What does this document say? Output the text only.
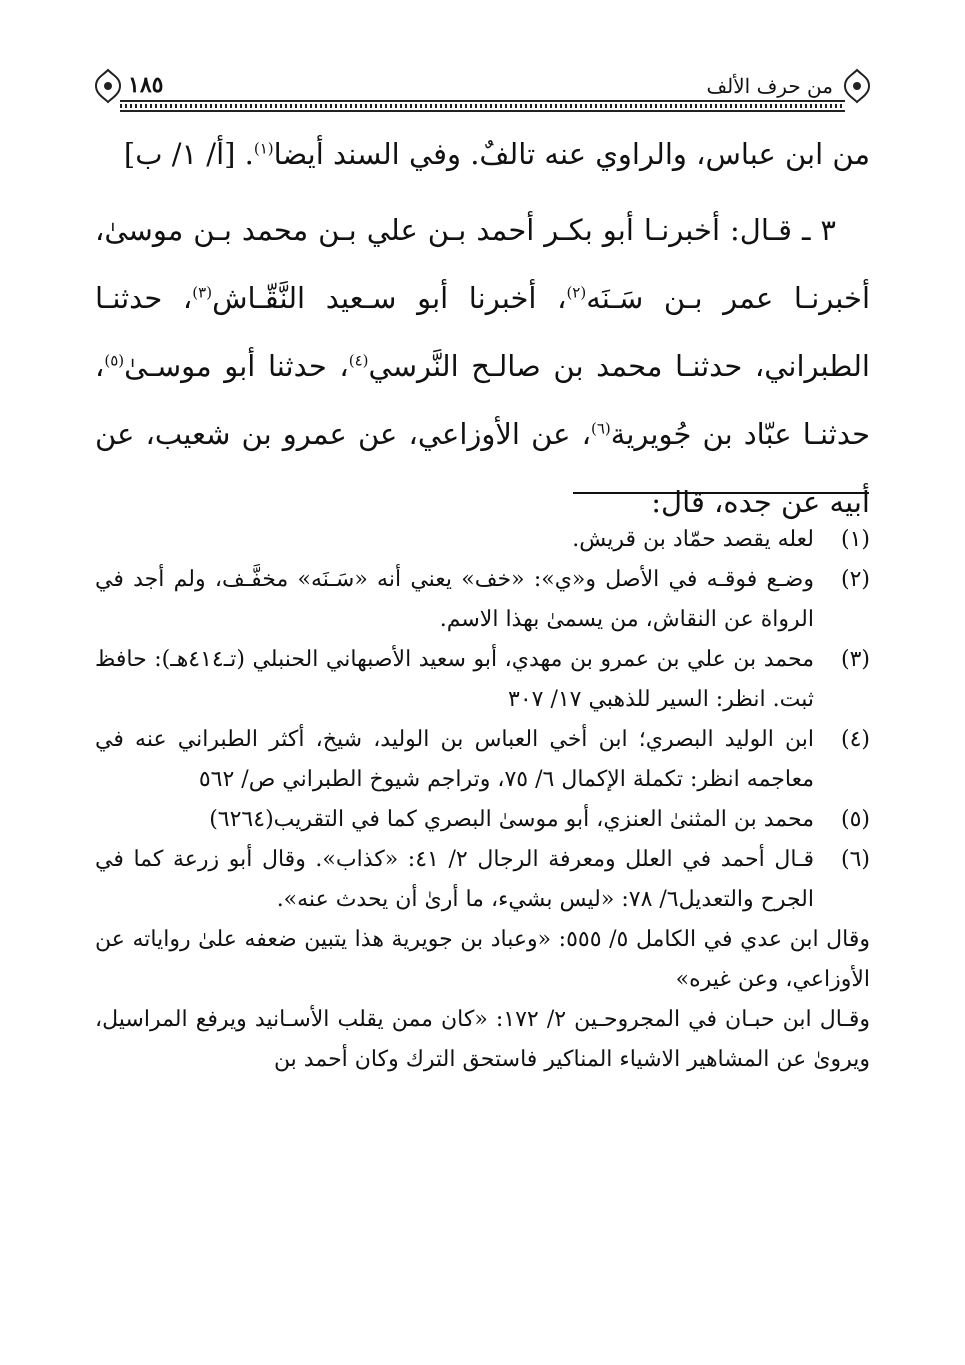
من حرف الألف
١٨٥

من ابن عباس، والراوي عنه تالفٌ. وفي السند أيضا$^{(١)}$. [أ/ ١/ ب]

٣ ـ قـال: أخبرنـا أبو بكـر أحمد بـن علي بـن محمد بـن موسىٰ، أخبرنـا عمر بـن سَـنَه$^{(٢)}$، أخبرنا أبو سـعيد النَّقّـاش$^{(٣)}$، حدثنـا الطبراني، حدثنـا محمد بن صالـح النَّرسي$^{(٤)}$، حدثنا أبو موسـىٰ$^{(٥)}$، حدثنـا عبّاد بن جُويرية$^{(٦)}$، عن الأوزاعي، عن عمرو بن شعيب، عن أبيه عن جده، قال:

(١)
لعله يقصد حمّاد بن قريش.
(٢)
وضـع فوقـه في الأصل و«ي»: «خف» يعني أنه «سَـنَه» مخفَّـف، ولم أجد في الرواة عن النقاش، من يسمىٰ بهذا الاسم.
(٣)
محمد بن علي بن عمرو بن مهدي، أبو سعيد الأصبهاني الحنبلي (تـ٤١٤هـ): حافظ ثبت. انظر: السير للذهبي ١٧/ ٣٠٧
(٤)
ابن الوليد البصري؛ ابن أخي العباس بن الوليد، شيخ، أكثر الطبراني عنه في معاجمه انظر: تكملة الإكمال ٦/ ٧٥، وتراجم شيوخ الطبراني ص/ ٥٦٢
(٥)
محمد بن المثنىٰ العنزي، أبو موسىٰ البصري كما في التقريب(٦٢٦٤)
(٦)
قـال أحمد في العلل ومعرفة الرجال ٢/ ٤١: «كذاب». وقال أبو زرعة كما في الجرح والتعديل٦/ ٧٨: «ليس بشيء، ما أرىٰ أن يحدث عنه».
وقال ابن عدي في الكامل ٥/ ٥٥٥: «وعباد بن جويرية هذا يتبين ضعفه علىٰ رواياته عن الأوزاعي، وعن غيره»
وقـال ابن حبـان في المجروحـين ٢/ ١٧٢: «كان ممن يقلب الأسـانيد ويرفع المراسيل، ويروىٰ عن المشاهير الاشياء المناكير فاستحق الترك وكان أحمد بن
